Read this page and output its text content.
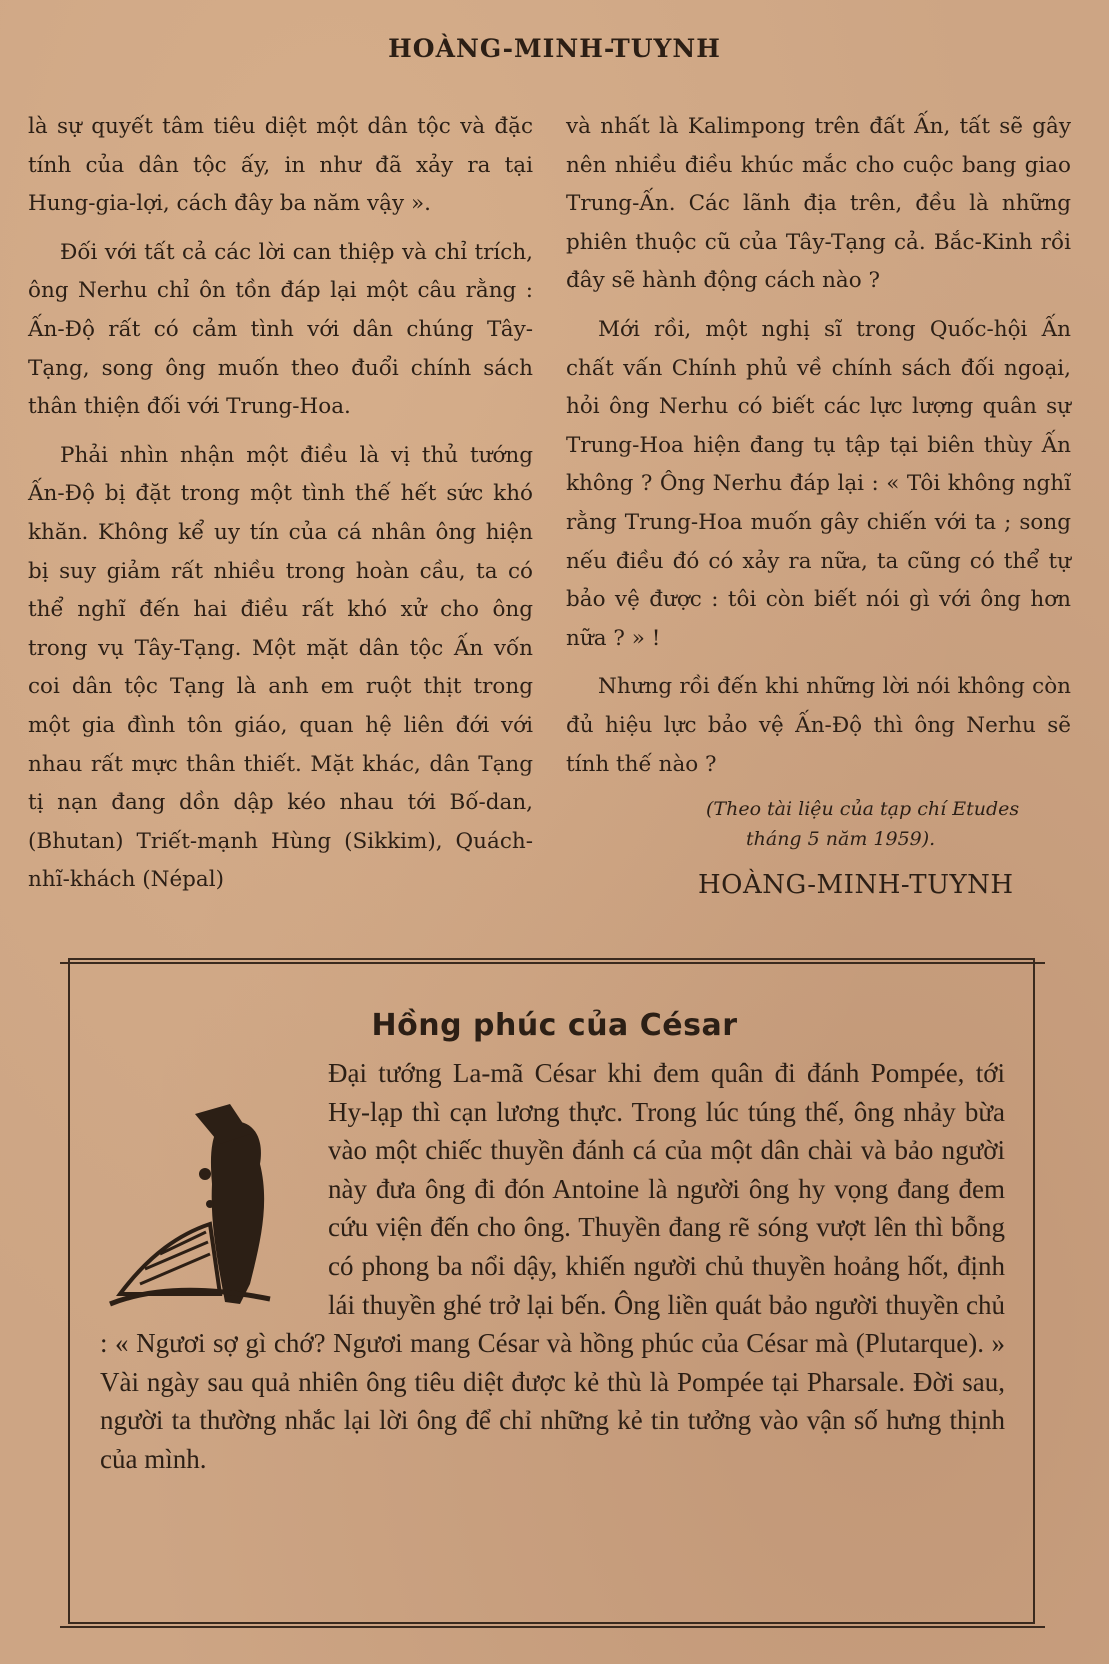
HOÀNG-MINH-TUYNH

là sự quyết tâm tiêu diệt một dân tộc và đặc tính của dân tộc ấy, in như đã xảy ra tại Hung-gia-lợi, cách đây ba năm vậy ».

Đối với tất cả các lời can thiệp và chỉ trích, ông Nerhu chỉ ôn tồn đáp lại một câu rằng : Ấn-Độ rất có cảm tình với dân chúng Tây-Tạng, song ông muốn theo đuổi chính sách thân thiện đối với Trung-Hoa.

Phải nhìn nhận một điều là vị thủ tướng Ấn-Độ bị đặt trong một tình thế hết sức khó khăn. Không kể uy tín của cá nhân ông hiện bị suy giảm rất nhiều trong hoàn cầu, ta có thể nghĩ đến hai điều rất khó xử cho ông trong vụ Tây-Tạng. Một mặt dân tộc Ấn vốn coi dân tộc Tạng là anh em ruột thịt trong một gia đình tôn giáo, quan hệ liên đới với nhau rất mực thân thiết. Mặt khác, dân Tạng tị nạn đang dồn dập kéo nhau tới Bố-dan, (Bhutan) Triết-mạnh Hùng (Sikkim), Quách-nhĩ-khách (Népal)

và nhất là Kalimpong trên đất Ấn, tất sẽ gây nên nhiều điều khúc mắc cho cuộc bang giao Trung-Ấn. Các lãnh địa trên, đều là những phiên thuộc cũ của Tây-Tạng cả. Bắc-Kinh rồi đây sẽ hành động cách nào ?

Mới rồi, một nghị sĩ trong Quốc-hội Ấn chất vấn Chính phủ về chính sách đối ngoại, hỏi ông Nerhu có biết các lực lượng quân sự Trung-Hoa hiện đang tụ tập tại biên thùy Ấn không ? Ông Nerhu đáp lại : « Tôi không nghĩ rằng Trung-Hoa muốn gây chiến với ta ; song nếu điều đó có xảy ra nữa, ta cũng có thể tự bảo vệ được : tôi còn biết nói gì với ông hơn nữa ? » !

Nhưng rồi đến khi những lời nói không còn đủ hiệu lực bảo vệ Ấn-Độ thì ông Nerhu sẽ tính thế nào ?

(Theo tài liệu của tạp chí Etudes
tháng 5 năm 1959).
HOÀNG-MINH-TUYNH
Hồng phúc của César
Đại tướng La-mã César khi đem quân đi đánh Pompée, tới Hy-lạp thì cạn lương thực. Trong lúc túng thế, ông nhảy bừa vào một chiếc thuyền đánh cá của một dân chài và bảo người này đưa ông đi đón Antoine là người ông hy vọng đang đem cứu viện đến cho ông. Thuyền đang rẽ sóng vượt lên thì bỗng có phong ba nổi dậy, khiến người chủ thuyền hoảng hốt, định lái thuyền ghé trở lại bến. Ông liền quát bảo người thuyền chủ : « Ngươi sợ gì chớ? Ngươi mang César và hồng phúc của César mà (Plutarque). » Vài ngày sau quả nhiên ông tiêu diệt được kẻ thù là Pompée tại Pharsale. Đời sau, người ta thường nhắc lại lời ông để chỉ những kẻ tin tưởng vào vận số hưng thịnh của mình.
